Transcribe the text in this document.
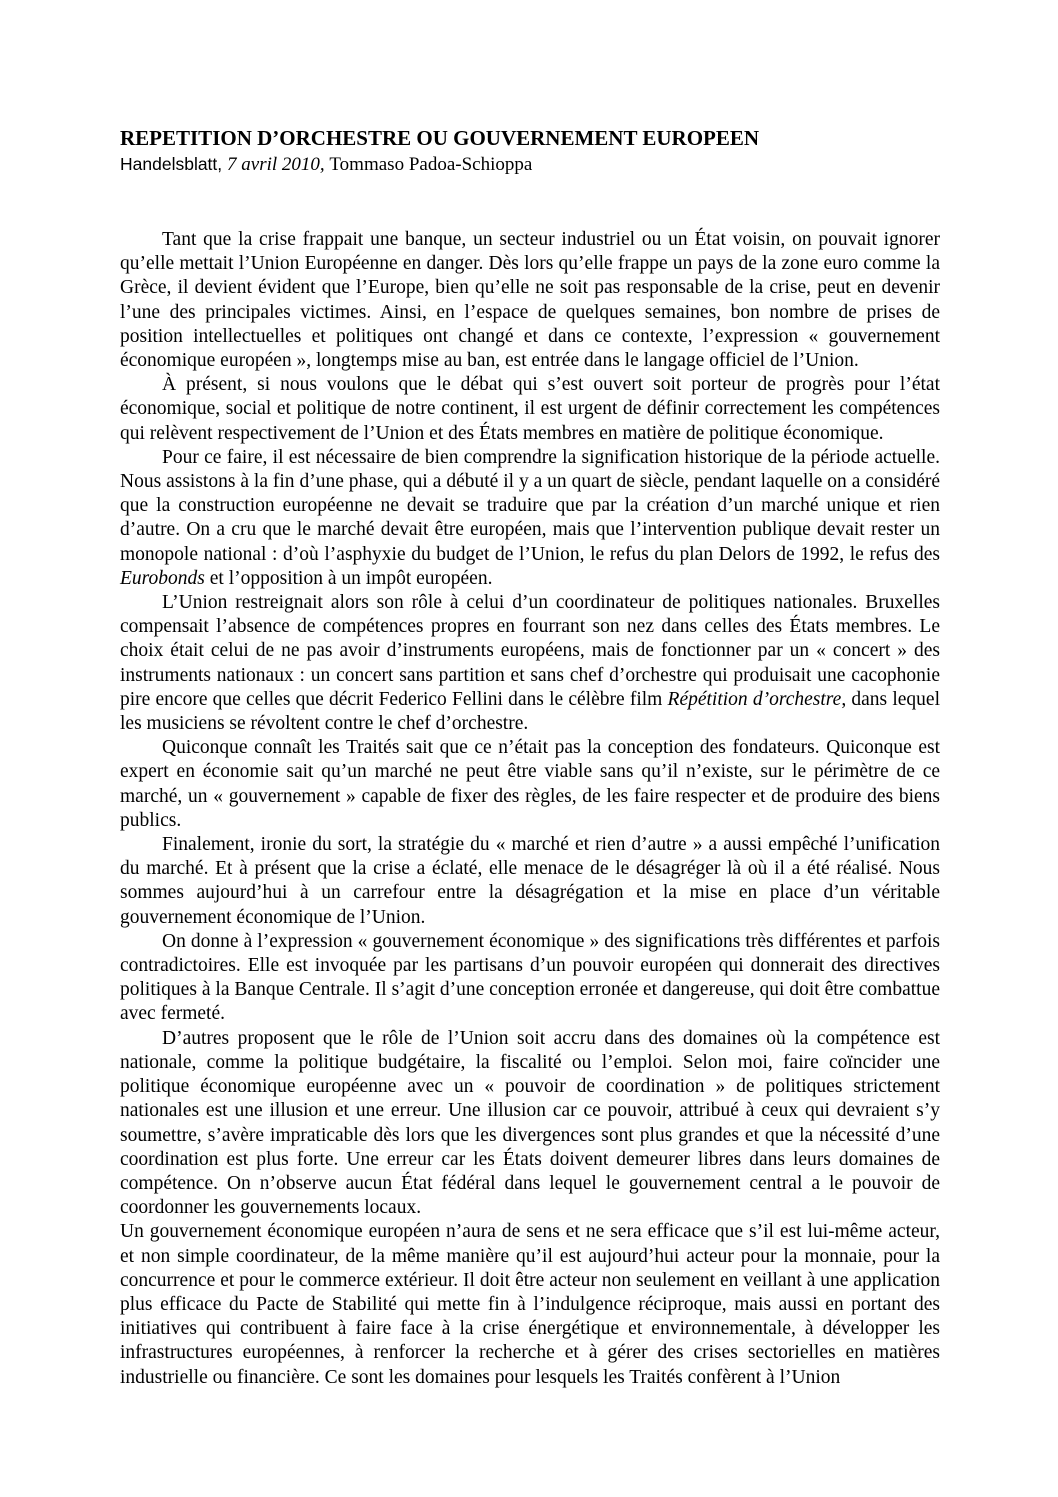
REPETITION D’ORCHESTRE OU GOUVERNEMENT EUROPEEN

Handelsblatt, 7 avril 2010, Tommaso Padoa-Schioppa

Tant que la crise frappait une banque, un secteur industriel ou un État voisin, on pouvait ignorer qu’elle mettait l’Union Européenne en danger. Dès lors qu’elle frappe un pays de la zone euro comme la Grèce, il devient évident que l’Europe, bien qu’elle ne soit pas responsable de la crise, peut en devenir l’une des principales victimes. Ainsi, en l’espace de quelques semaines, bon nombre de prises de position intellectuelles et politiques ont changé et dans ce contexte, l’expression « gouvernement économique européen », longtemps mise au ban, est entrée dans le langage officiel de l’Union.

À présent, si nous voulons que le débat qui s’est ouvert soit porteur de progrès pour l’état économique, social et politique de notre continent, il est urgent de définir correctement les compétences qui relèvent respectivement de l’Union et des États membres en matière de politique économique.

Pour ce faire, il est nécessaire de bien comprendre la signification historique de la période actuelle. Nous assistons à la fin d’une phase, qui a débuté il y a un quart de siècle, pendant laquelle on a considéré que la construction européenne ne devait se traduire que par la création d’un marché unique et rien d’autre. On a cru que le marché devait être européen, mais que l’intervention publique devait rester un monopole national : d’où l’asphyxie du budget de l’Union, le refus du plan Delors de 1992, le refus des Eurobonds et l’opposition à un impôt européen.

L’Union restreignait alors son rôle à celui d’un coordinateur de politiques nationales. Bruxelles compensait l’absence de compétences propres en fourrant son nez dans celles des États membres. Le choix était celui de ne pas avoir d’instruments européens, mais de fonctionner par un « concert » des instruments nationaux : un concert sans partition et sans chef d’orchestre qui produisait une cacophonie pire encore que celles que décrit Federico Fellini dans le célèbre film Répétition d’orchestre, dans lequel les musiciens se révoltent contre le chef d’orchestre.

Quiconque connaît les Traités sait que ce n’était pas la conception des fondateurs. Quiconque est expert en économie sait qu’un marché ne peut être viable sans qu’il n’existe, sur le périmètre de ce marché, un « gouvernement » capable de fixer des règles, de les faire respecter et de produire des biens publics.

Finalement, ironie du sort, la stratégie du « marché et rien d’autre » a aussi empêché l’unification du marché. Et à présent que la crise a éclaté, elle menace de le désagréger là où il a été réalisé. Nous sommes aujourd’hui à un carrefour entre la désagrégation et la mise en place d’un véritable gouvernement économique de l’Union.

On donne à l’expression « gouvernement économique » des significations très différentes et parfois contradictoires. Elle est invoquée par les partisans d’un pouvoir européen qui donnerait des directives politiques à la Banque Centrale. Il s’agit d’une conception erronée et dangereuse, qui doit être combattue avec fermeté.

D’autres proposent que le rôle de l’Union soit accru dans des domaines où la compétence est nationale, comme la politique budgétaire, la fiscalité ou l’emploi. Selon moi, faire coïncider une politique économique européenne avec un « pouvoir de coordination » de politiques strictement nationales est une illusion et une erreur. Une illusion car ce pouvoir, attribué à ceux qui devraient s’y soumettre, s’avère impraticable dès lors que les divergences sont plus grandes et que la nécessité d’une coordination est plus forte. Une erreur car les États doivent demeurer libres dans leurs domaines de compétence. On n’observe aucun État fédéral dans lequel le gouvernement central a le pouvoir de coordonner les gouvernements locaux.

Un gouvernement économique européen n’aura de sens et ne sera efficace que s’il est lui-même acteur, et non simple coordinateur, de la même manière qu’il est aujourd’hui acteur pour la monnaie, pour la concurrence et pour le commerce extérieur. Il doit être acteur non seulement en veillant à une application plus efficace du Pacte de Stabilité qui mette fin à l’indulgence réciproque, mais aussi en portant des initiatives qui contribuent à faire face à la crise énergétique et environnementale, à développer les infrastructures européennes, à renforcer la recherche et à gérer des crises sectorielles en matières industrielle ou financière. Ce sont les domaines pour lesquels les Traités confèrent à l’Union
